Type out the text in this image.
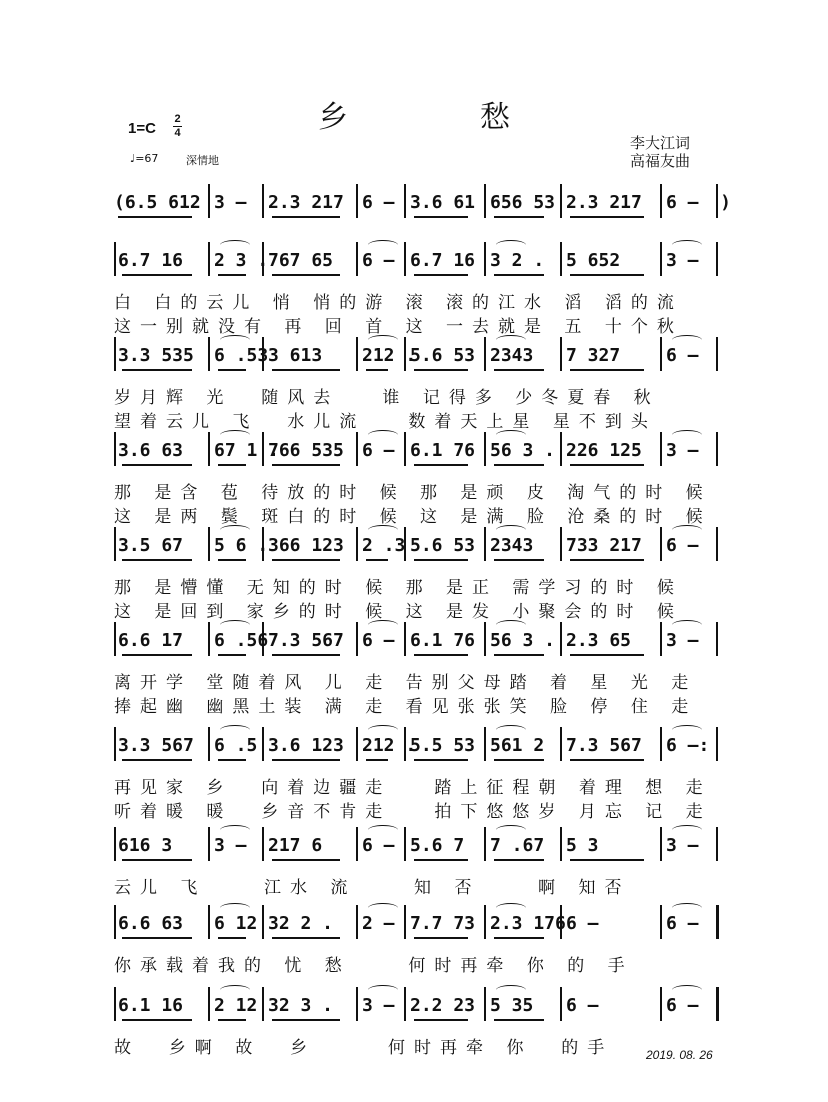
乡	愁
1=C
2
4
♩=67	深情地
李大江词
高福友曲
(6.5 612 3 – 2.3 217 6 – 3.6 61 656 53 2.3 217 6 –  )
6.7 16 2 3 . 767 65 6 – 6.7 16 3 2 . 5 652	3 –
白 白的云儿 悄 悄的游 滚 滚的江水 滔 滔的流
这一别就没有 再 回 首 这 一去就是 五 十个秋
3.3 535 6 .53 3 613 212 .
5.6 53 2343 7 327	6 –
岁月辉 光  随风去   谁 记得多 少冬夏春 秋
望着云儿 飞  水儿流   数着天上星 星不到头
3.6 63 67 1 .
766 535 6 – 6.1 76 56 3 . 226 125 3 –
那 是含 苞 待放的时 候 那 是顽 皮 淘气的时 候
这 是两 鬓 斑白的时 候 这 是满 脸 沧桑的时 候
3.5 67 5 6 . 366 123 2 .3 5.6 53 2343 733 217 6 –
那 是懵懂 无知的时 候 那 是正 需学习的时 候
这 是回到 家乡的时 候 这 是发 小聚会的时 候
6.6 17 6 .56 7.3 567 6 – 6.1 76 56 3 . 2.3 65 3 –
离开学 堂随着风 儿 走 告别父母踏 着 星 光 走
捧起幽 幽黑土装 满 走 看见张张笑 脸 停 住 走
3.3 567 6 .5 3.6 123 212 .
5.5 53 561 2 7.3 567 6 –:
再见家 乡  向着边疆走   踏上征程朝 着理 想 走
听着暖 暖  乡音不肯走   拍下悠悠岁 月忘 记 走
616 3 3 – 217 6 6 – 5.6 7 7 .67 5 3	3 –
云儿 飞    江水 流    知 否    啊 知否
6.6 63 6 12 32 2 . 2 – 7.7 73 2.3 176 6 –	6 –
你承载着我的 忧 愁    何时再牵 你 的 手
6.1 16 2 12 32 3 . 3 – 2.2 23 5 35 6 –	6 –
故  乡啊 故  乡     何时再牵 你  的手	2019. 08. 26
